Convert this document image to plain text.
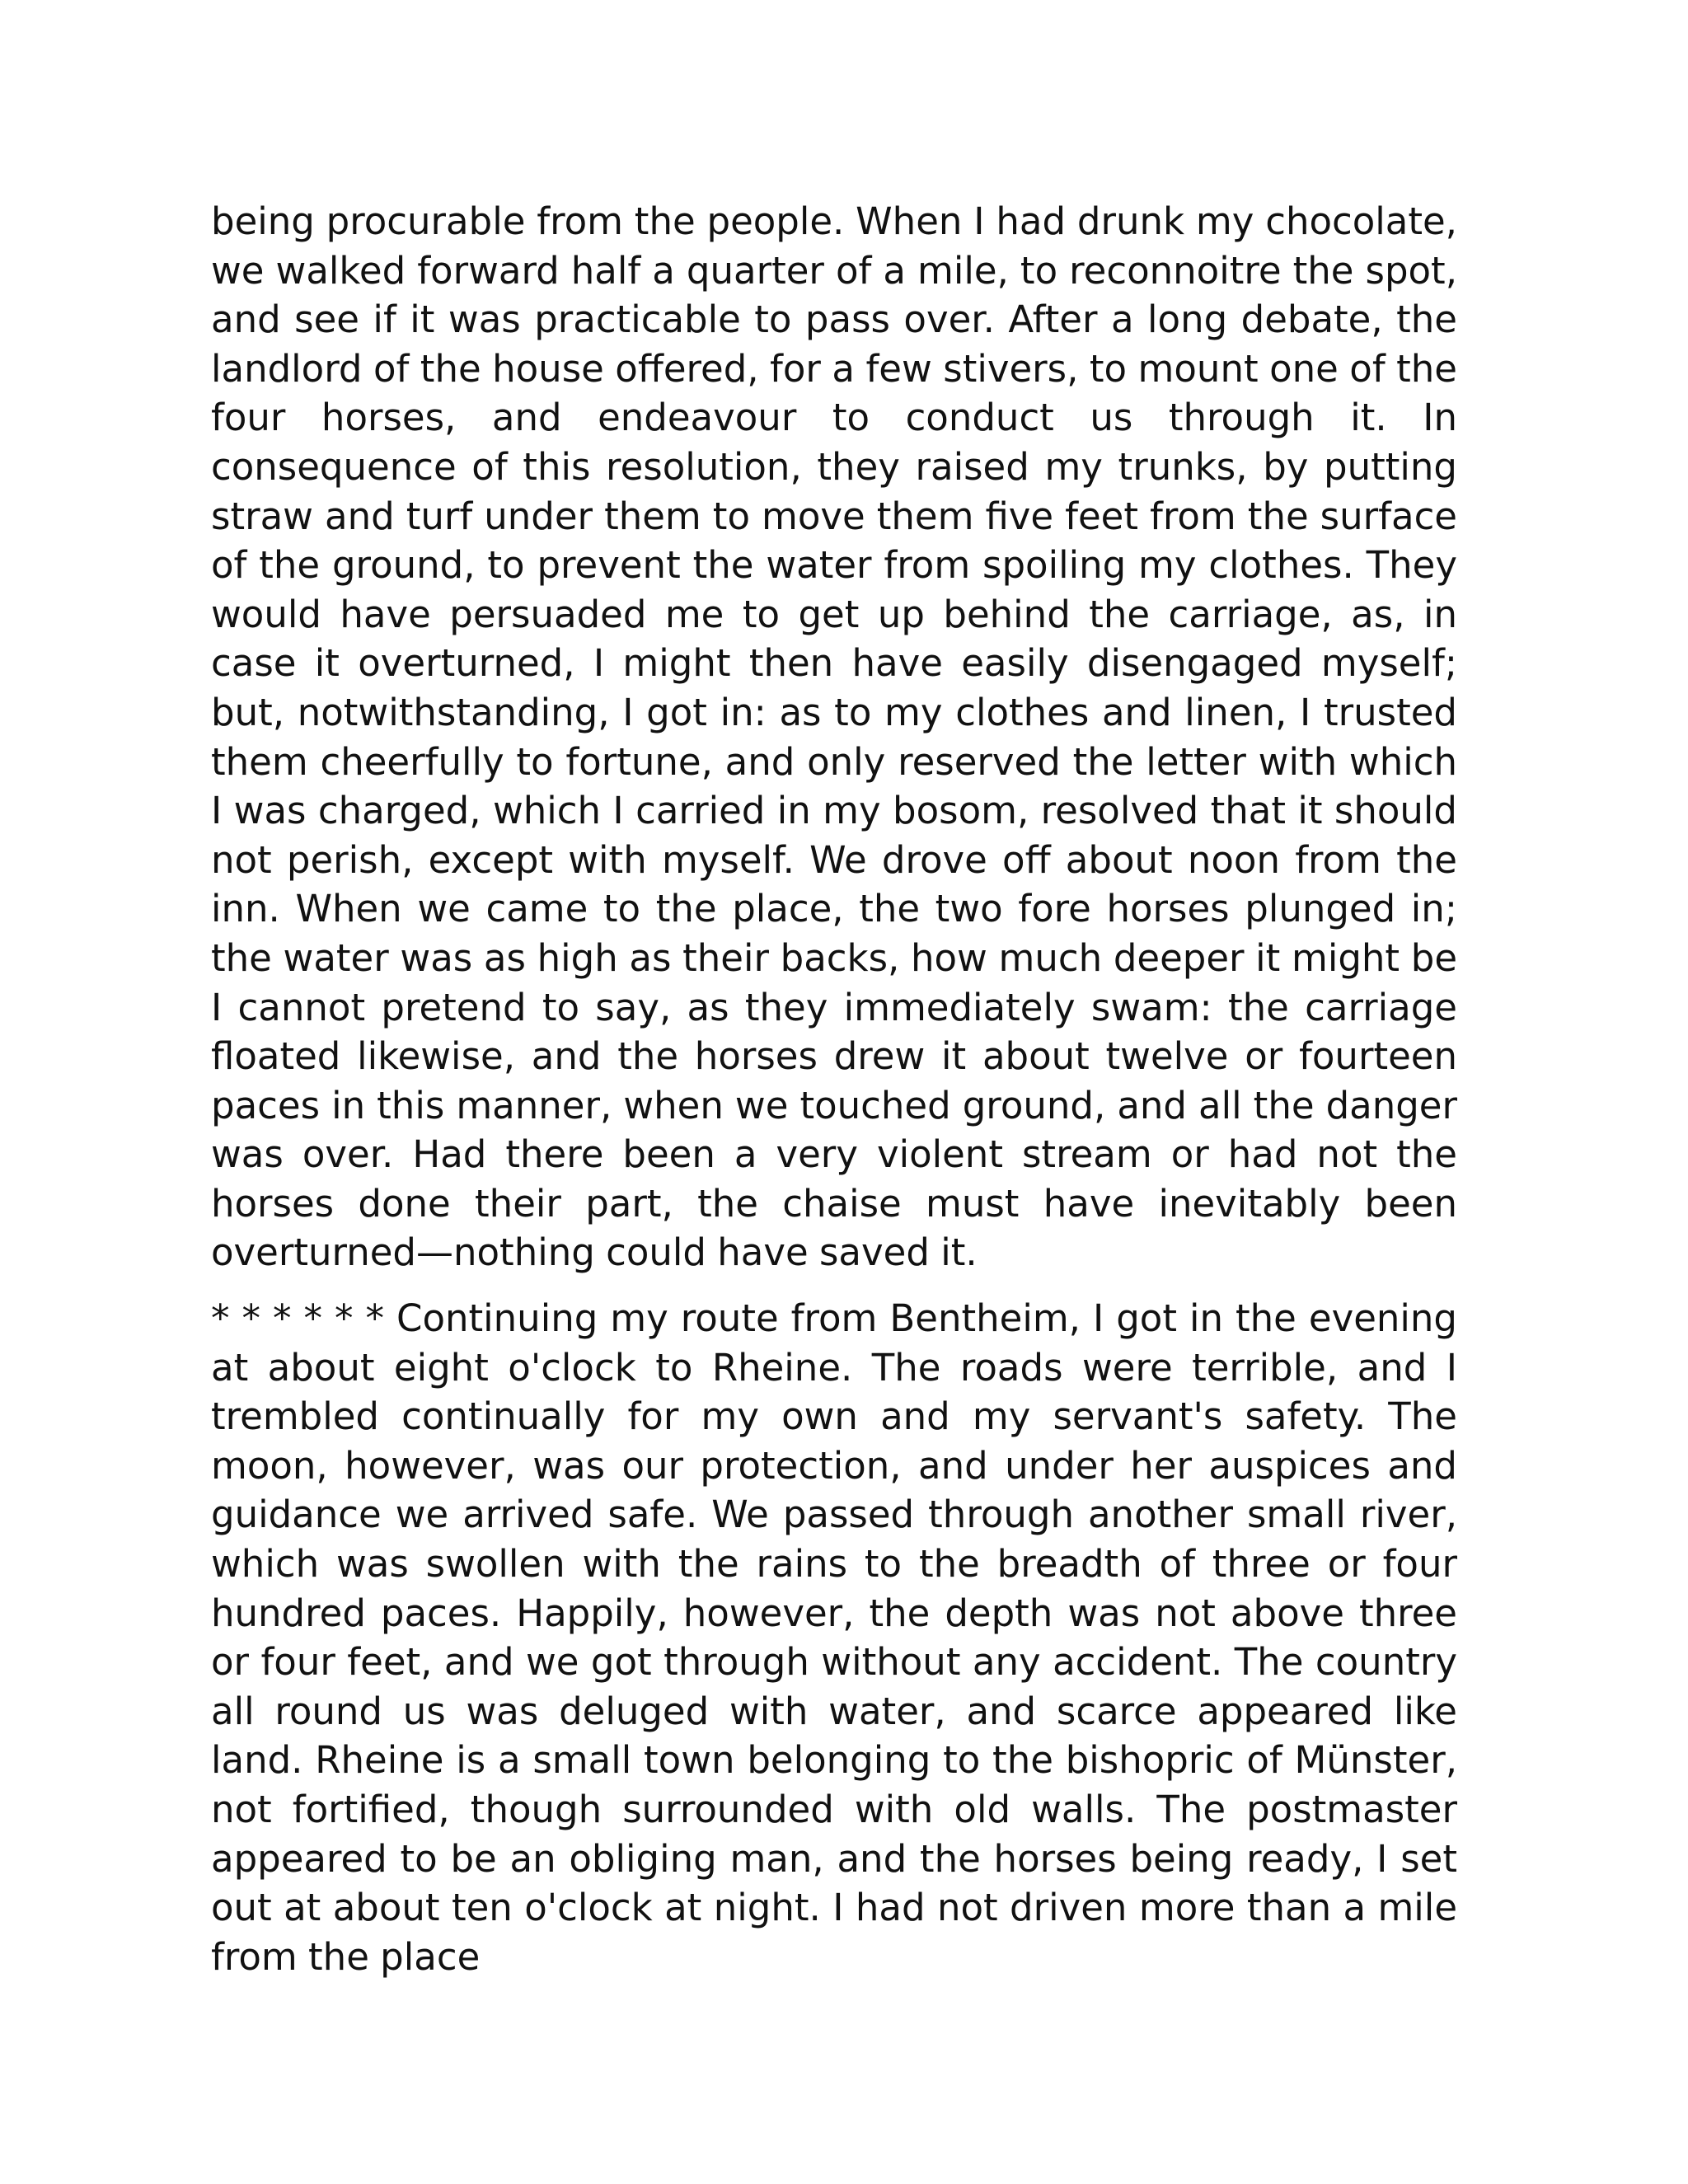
being procurable from the people. When I had drunk my chocolate, we walked forward half a quarter of a mile, to reconnoitre the spot, and see if it was practicable to pass over. After a long debate, the landlord of the house offered, for a few stivers, to mount one of the four horses, and endeavour to conduct us through it. In consequence of this resolution, they raised my trunks, by putting straw and turf under them to move them five feet from the surface of the ground, to prevent the water from spoiling my clothes. They would have persuaded me to get up behind the carriage, as, in case it overturned, I might then have easily disengaged myself; but, notwithstanding, I got in: as to my clothes and linen, I trusted them cheerfully to fortune, and only reserved the letter with which I was charged, which I carried in my bosom, resolved that it should not perish, except with myself. We drove off about noon from the inn. When we came to the place, the two fore horses plunged in; the water was as high as their backs, how much deeper it might be I cannot pretend to say, as they immediately swam: the carriage floated likewise, and the horses drew it about twelve or fourteen paces in this manner, when we touched ground, and all the danger was over. Had there been a very violent stream or had not the horses done their part, the chaise must have inevitably been overturned—nothing could have saved it.

* * * * * * Continuing my route from Bentheim, I got in the evening at about eight o'clock to Rheine. The roads were terrible, and I trembled continually for my own and my servant's safety. The moon, however, was our protection, and under her auspices and guidance we arrived safe. We passed through another small river, which was swollen with the rains to the breadth of three or four hundred paces. Happily, however, the depth was not above three or four feet, and we got through without any accident. The country all round us was deluged with water, and scarce appeared like land. Rheine is a small town belonging to the bishopric of Münster, not fortified, though surrounded with old walls. The postmaster appeared to be an obliging man, and the horses being ready, I set out at about ten o'clock at night. I had not driven more than a mile from the place
